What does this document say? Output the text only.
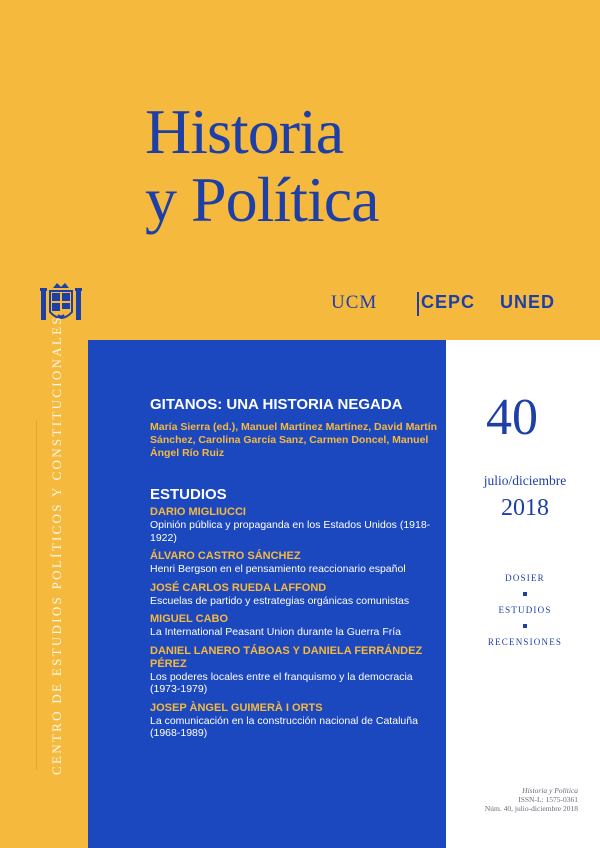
Historia
y Política
UCM CEPC UNED
CENTRO DE ESTUDIOS POLÍTICOS Y CONSTITUCIONALES	GITANOS: UNA HISTORIA NEGADA
María Sierra (ed.), Manuel Martínez Martínez, David Martín Sánchez, Carolina García Sanz, Carmen Doncel, Manuel Ángel Río Ruiz
ESTUDIOS
DARIO MIGLIUCCI
Opinión pública y propaganda en los Estados Unidos (1918-1922)
ÁLVARO CASTRO SÁNCHEZ
Henri Bergson en el pensamiento reaccionario español
JOSÉ CARLOS RUEDA LAFFOND
Escuelas de partido y estrategias orgánicas comunistas
MIGUEL CABO
La International Peasant Union durante la Guerra Fría
DANIEL LANERO TÁBOAS Y DANIELA FERRÁNDEZ PÉREZ
Los poderes locales entre el franquismo y la democracia (1973-1979)
JOSEP ÀNGEL GUIMERÀ I ORTS
La comunicación en la construcción nacional de Cataluña (1968-1989)
40
julio/diciembre
2018
DOSIER
ESTUDIOS
RECENSIONES
Historia y Política
ISSN-L: 1575-0361
Núm. 40, julio-diciembre 2018
